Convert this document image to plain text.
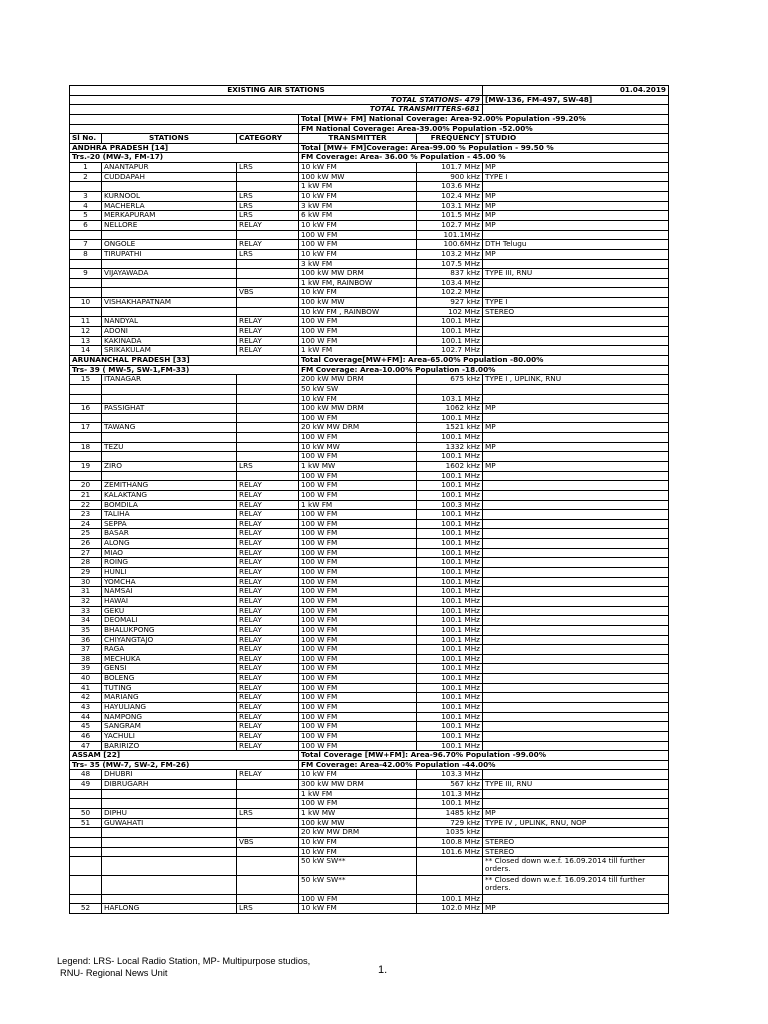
EXISTING AIR STATIONS					01.04.2019
TOTAL STATIONS- 479					[MW-136, FM-497, SW-48]
TOTAL TRANSMITTERS-681					
			Total [MW+ FM] National Coverage: Area-92.00% Population -99.20%		
			FM National Coverage: Area-39.00% Population -52.00%		
Sl No.	STATIONS	CATEGORY	TRANSMITTER	FREQUENCY	STUDIO
ANDHRA PRADESH [14]			Total [MW+ FM]Coverage: Area-99.00 % Population - 99.50 %		
Trs.-20 (MW-3, FM-17)			FM Coverage: Area- 36.00 % Population - 45.00 %		
1	ANANTAPUR	LRS	10 kW FM	101.7 MHz	MP
2	CUDDAPAH		100 kW MW	900 kHz	TYPE I
			1 kW FM	103.6 MHz	
3	KURNOOL	LRS	10 kW FM	102.4 MHz	MP
4	MACHERLA	LRS	3 kW FM	103.1 MHz	MP
5	MERKAPURAM	LRS	6 kW FM	101.5 MHz	MP
6	NELLORE	RELAY	10 kW FM	102.7 MHz	MP
			100 W FM	101.1MHz	
7	ONGOLE	RELAY	100 W FM	100.6MHz	DTH Telugu
8	TIRUPATHI	LRS	10 kW FM	103.2 MHz	MP
			3 kW FM	107.5 MHz	
9	VIJAYAWADA		100 kW MW DRM	837 kHz	TYPE III, RNU
			1 kW FM, RAINBOW	103.4 MHz	
		VBS	10 kW FM	102.2 MHz	
10	VISHAKHAPATNAM		100 kW MW	927 kHz	TYPE I
			10 kW FM , RAINBOW	102 MHz	STEREO
11	NANDYAL	RELAY	100 W FM	100.1 MHz	
12	ADONI	RELAY	100 W FM	100.1 MHz	
13	KAKINADA	RELAY	100 W FM	100.1 MHz	
14	SRIKAKULAM	RELAY	1 kW FM	102.7 MHz	
ARUNANCHAL PRADESH [33]			Total Coverage[MW+FM]: Area-65.00% Population -80.00%		
Trs- 39 ( MW-5, SW-1,FM-33)			FM Coverage: Area-10.00% Population -18.00%		
15	ITANAGAR		200 kW MW DRM	675 kHz	TYPE I , UPLINK, RNU
			50 kW SW		
			10 kW FM	103.1 MHz	
16	PASSIGHAT		100 kW MW DRM	1062 kHz	MP
			100 W FM	100.1 MHz	
17	TAWANG		20 kW MW DRM	1521 kHz	MP
			100 W FM	100.1 MHz	
18	TEZU		10 kW MW	1332 kHz	MP
			100 W FM	100.1 MHz	
19	ZIRO	LRS	1 kW MW	1602 kHz	MP
			100 W FM	100.1 MHz	
20	ZEMITHANG	RELAY	100 W FM	100.1 MHz	
21	KALAKTANG	RELAY	100 W FM	100.1 MHz	
22	BOMDILA	RELAY	1 kW FM	100.3 MHz	
23	TALIHA	RELAY	100 W FM	100.1 MHz	
24	SEPPA	RELAY	100 W FM	100.1 MHz	
25	BASAR	RELAY	100 W FM	100.1 MHz	
26	ALONG	RELAY	100 W FM	100.1 MHz	
27	MIAO	RELAY	100 W FM	100.1 MHz	
28	ROING	RELAY	100 W FM	100.1 MHz	
29	HUNLI	RELAY	100 W FM	100.1 MHz	
30	YOMCHA	RELAY	100 W FM	100.1 MHz	
31	NAMSAI	RELAY	100 W FM	100.1 MHz	
32	HAWAI	RELAY	100 W FM	100.1 MHz	
33	GEKU	RELAY	100 W FM	100.1 MHz	
34	DEOMALI	RELAY	100 W FM	100.1 MHz	
35	BHALUKPONG	RELAY	100 W FM	100.1 MHz	
36	CHIYANGTAJO	RELAY	100 W FM	100.1 MHz	
37	RAGA	RELAY	100 W FM	100.1 MHz	
38	MECHUKA	RELAY	100 W FM	100.1 MHz	
39	GENSI	RELAY	100 W FM	100.1 MHz	
40	BOLENG	RELAY	100 W FM	100.1 MHz	
41	TUTING	RELAY	100 W FM	100.1 MHz	
42	MARIANG	RELAY	100 W FM	100.1 MHz	
43	HAYULIANG	RELAY	100 W FM	100.1 MHz	
44	NAMPONG	RELAY	100 W FM	100.1 MHz	
45	SANGRAM	RELAY	100 W FM	100.1 MHz	
46	YACHULI	RELAY	100 W FM	100.1 MHz	
47	BARIRIZO	RELAY	100 W FM	100.1 MHz	
ASSAM [22]			Total Coverage [MW+FM]: Area-96.70% Population -99.00%		
Trs- 35 (MW-7, SW-2, FM-26)			FM Coverage: Area-42.00% Population -44.00%		
48	DHUBRI	RELAY	10 kW FM	103.3 MHz	
49	DIBRUGARH		300 kW MW DRM	567 kHz	TYPE III, RNU
			1 kW FM	101.3 MHz	
			100 W FM	100.1 MHz	
50	DIPHU	LRS	1 kW MW	1485 kHz	MP
51	GUWAHATI		100 kW MW	729 kHz	TYPE IV , UPLINK, RNU, NOP
			20 kW MW DRM	1035 kHz	
		VBS	10 kW FM	100.8 MHz	STEREO
			10 kW FM	101.6 MHz	STEREO
			50 kW SW**		** Closed down w.e.f. 16.09.2014 till further orders.
			50 kW SW**		** Closed down w.e.f. 16.09.2014 till further orders.
			100 W FM	100.1 MHz	
52	HAFLONG	LRS	10 kW FM	102.0 MHz	MP
Legend: LRS- Local Radio Station, MP- Multipurpose studios,
RNU- Regional News Unit	1.
